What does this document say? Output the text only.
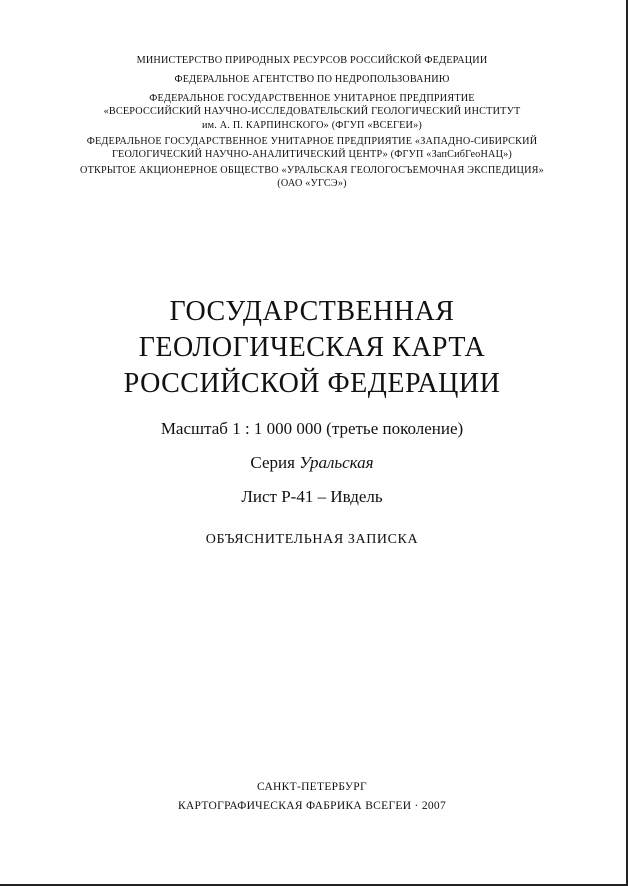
МИНИСТЕРСТВО ПРИРОДНЫХ РЕСУРСОВ РОССИЙСКОЙ ФЕДЕРАЦИИ
ФЕДЕРАЛЬНОЕ АГЕНТСТВО ПО НЕДРОПОЛЬЗОВАНИЮ
ФЕДЕРАЛЬНОЕ ГОСУДАРСТВЕННОЕ УНИТАРНОЕ ПРЕДПРИЯТИЕ
«ВСЕРОССИЙСКИЙ НАУЧНО-ИССЛЕДОВАТЕЛЬСКИЙ ГЕОЛОГИЧЕСКИЙ ИНСТИТУТ
им. А. П. КАРПИНСКОГО» (ФГУП «ВСЕГЕИ»)
ФЕДЕРАЛЬНОЕ ГОСУДАРСТВЕННОЕ УНИТАРНОЕ ПРЕДПРИЯТИЕ «ЗАПАДНО-СИБИРСКИЙ
ГЕОЛОГИЧЕСКИЙ НАУЧНО-АНАЛИТИЧЕСКИЙ ЦЕНТР» (ФГУП «ЗапСибГеоНАЦ»)
ОТКРЫТОЕ АКЦИОНЕРНОЕ ОБЩЕСТВО «УРАЛЬСКАЯ ГЕОЛОГОСЪЕМОЧНАЯ ЭКСПЕДИЦИЯ»
(ОАО «УГСЭ»)
ГОСУДАРСТВЕННАЯ
ГЕОЛОГИЧЕСКАЯ КАРТА
РОССИЙСКОЙ ФЕДЕРАЦИИ
Масштаб 1 : 1 000 000 (третье поколение)
Серия Уральская
Лист P-41 – Ивдель
ОБЪЯСНИТЕЛЬНАЯ ЗАПИСКА
САНКТ-ПЕТЕРБУРГ
КАРТОГРАФИЧЕСКАЯ ФАБРИКА ВСЕГЕИ · 2007
